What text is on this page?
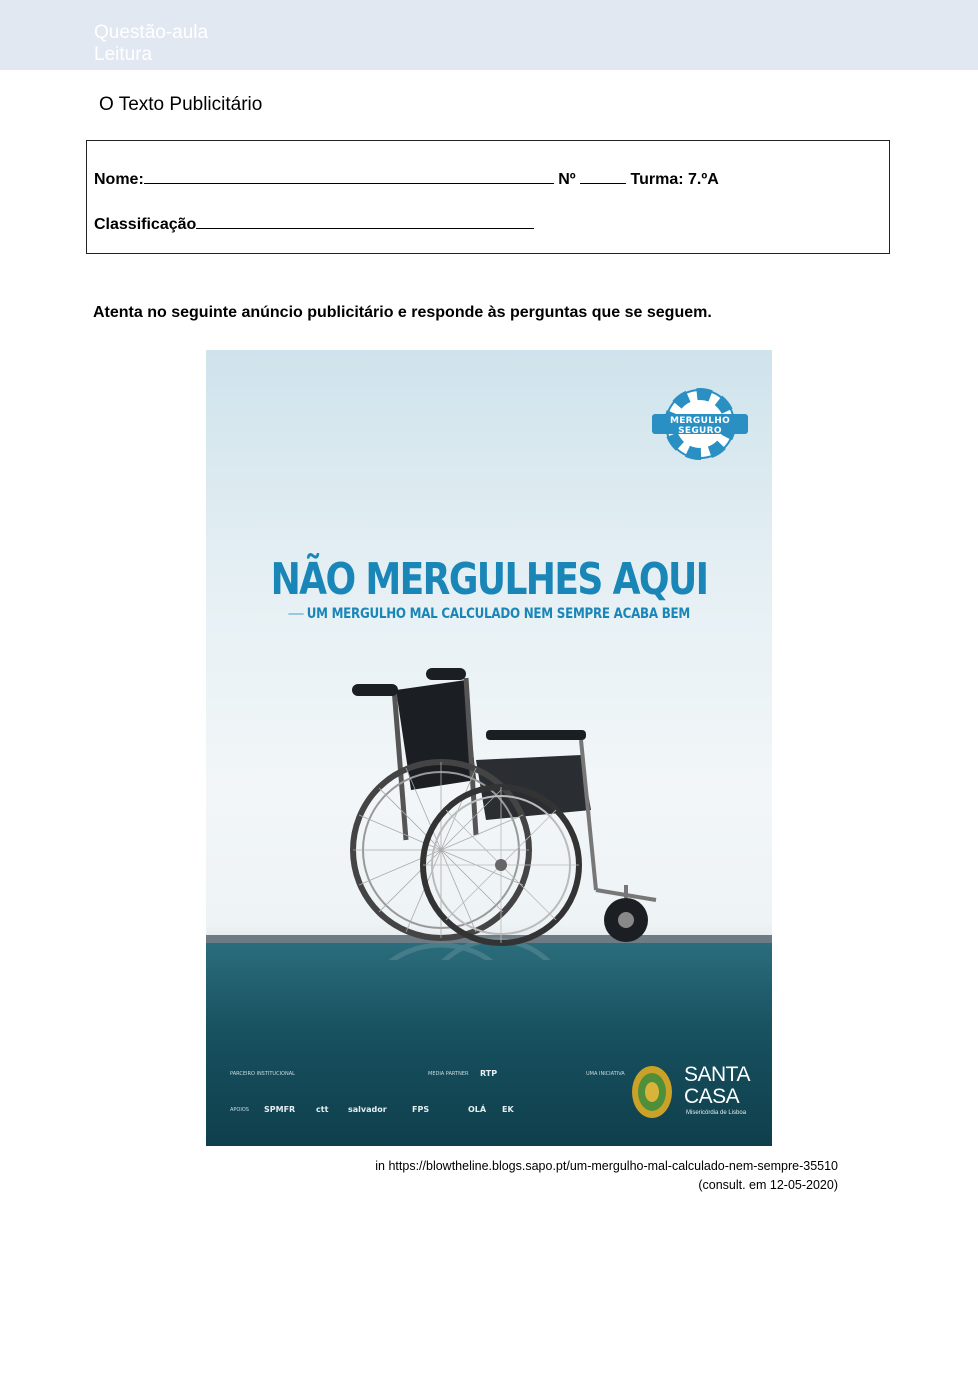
Questão-aula
Leitura
O Texto Publicitário
Nome:	Nº	Turma: 7.ºA
Classificação
Atenta no seguinte anúncio publicitário e responde às perguntas que se seguem.
MERGULHO SEGURO
NÃO MERGULHES AQUI
UM MERGULHO MAL CALCULADO NEM SEMPRE ACABA BEM
PARCEIRO INSTITUCIONAL	MEDIA PARTNER RTP	UMA INICIATIVA
APOIOS SPMFR	ctt salvador	FPS	OLÁ EK
SANTA
CASA
Misericórdia de Lisboa
in https://blowtheline.blogs.sapo.pt/um-mergulho-mal-calculado-nem-sempre-35510
(consult. em 12-05-2020)
